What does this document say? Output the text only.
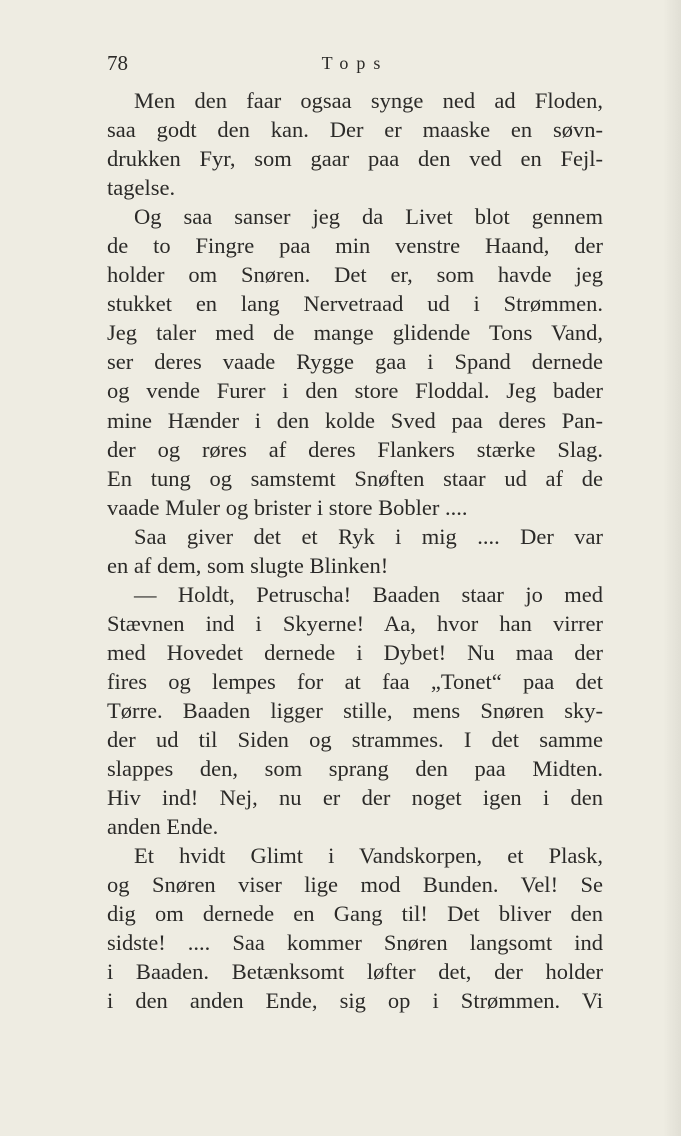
78	Tops
Men den faar ogsaa synge ned ad Floden,
saa godt den kan. Der er maaske en søvn-
drukken Fyr, som gaar paa den ved en Fejl-
tagelse.
Og saa sanser jeg da Livet blot gennem
de to Fingre paa min venstre Haand, der
holder om Snøren. Det er, som havde jeg
stukket en lang Nervetraad ud i Strømmen.
Jeg taler med de mange glidende Tons Vand,
ser deres vaade Rygge gaa i Spand dernede
og vende Furer i den store Floddal. Jeg bader
mine Hænder i den kolde Sved paa deres Pan-
der og røres af deres Flankers stærke Slag.
En tung og samstemt Snøften staar ud af de
vaade Muler og brister i store Bobler ....
Saa giver det et Ryk i mig .... Der var
en af dem, som slugte Blinken!
— Holdt, Petruscha! Baaden staar jo med
Stævnen ind i Skyerne! Aa, hvor han virrer
med Hovedet dernede i Dybet! Nu maa der
fires og lempes for at faa „Tonet“ paa det
Tørre. Baaden ligger stille, mens Snøren sky-
der ud til Siden og strammes. I det samme
slappes den, som sprang den paa Midten.
Hiv ind! Nej, nu er der noget igen i den
anden Ende.
Et hvidt Glimt i Vandskorpen, et Plask,
og Snøren viser lige mod Bunden. Vel! Se
dig om dernede en Gang til! Det bliver den
sidste! .... Saa kommer Snøren langsomt ind
i Baaden. Betænksomt løfter det, der holder
i den anden Ende, sig op i Strømmen. Vi
